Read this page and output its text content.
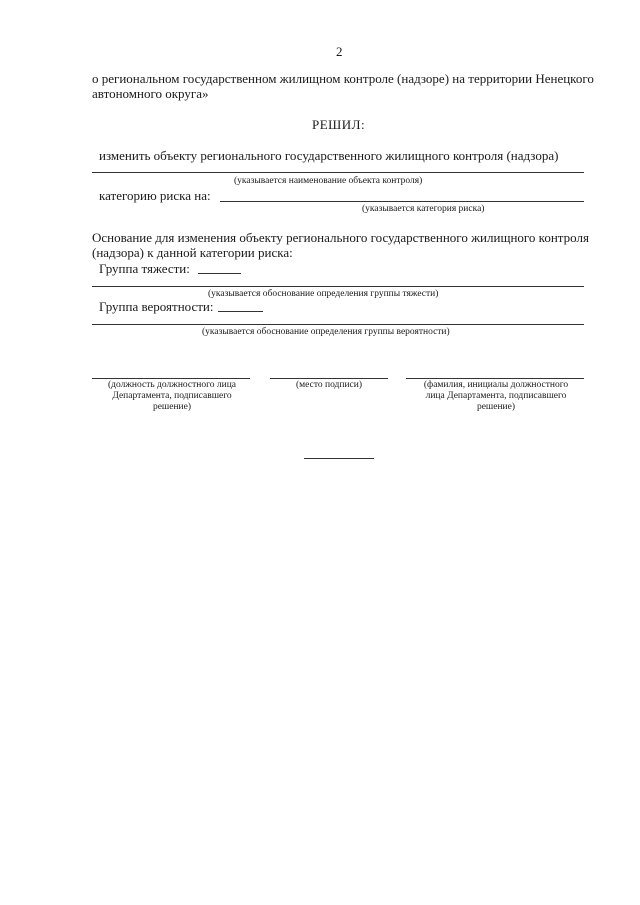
2
о региональном государственном жилищном контроле (надзоре) на территории Ненецкого
автономного округа»
РЕШИЛ:
изменить объекту регионального государственного жилищного контроля (надзора)
(указывается наименование объекта контроля)
категорию риска на:
(указывается категория риска)
Основание для изменения объекту регионального государственного жилищного контроля
(надзора) к данной категории риска:
Группа тяжести:
(указывается обоснование определения группы тяжести)
Группа вероятности:
(указывается обоснование определения группы вероятности)
(должность должностного лица
Департамента, подписавшего
решение)
(место подписи)	(фамилия, инициалы должностного
лица Департамента, подписавшего
решение)
